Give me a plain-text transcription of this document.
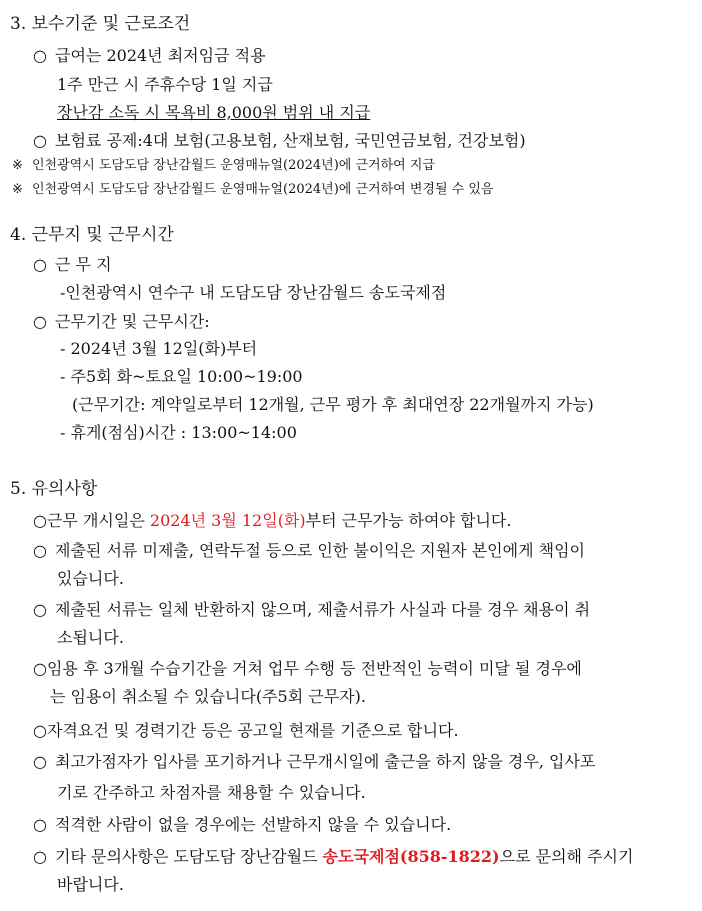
3. 보수기준 및 근로조건
○ 급여는 2024년 최저임금 적용
1주 만근 시 주휴수당 1일 지급
장난감 소독 시 목욕비 8,000원 범위 내 지급
○ 보험료 공제:4대 보험(고용보험, 산재보험, 국민연금보험, 건강보험)
※ 인천광역시 도담도담 장난감월드 운영매뉴얼(2024년)에 근거하여 지급
※ 인천광역시 도담도담 장난감월드 운영매뉴얼(2024년)에 근거하여 변경될 수 있음
4. 근무지 및 근무시간
○ 근 무 지
-인천광역시 연수구 내 도담도담 장난감월드 송도국제점
○ 근무기간 및 근무시간:
- 2024년 3월 12일(화)부터
- 주5회 화~토요일 10:00~19:00
(근무기간: 계약일로부터 12개월, 근무 평가 후 최대연장 22개월까지 가능)
- 휴게(점심)시간 : 13:00~14:00
5. 유의사항
○근무 개시일은 2024년 3월 12일(화)부터 근무가능 하여야 합니다.
○ 제출된 서류 미제출, 연락두절 등으로 인한 불이익은 지원자 본인에게 책임이
있습니다.
○ 제출된 서류는 일체 반환하지 않으며, 제출서류가 사실과 다를 경우 채용이 취
소됩니다.
○임용 후 3개월 수습기간을 거쳐 업무 수행 등 전반적인 능력이 미달 될 경우에
는 임용이 취소될 수 있습니다(주5회 근무자).
○자격요건 및 경력기간 등은 공고일 현재를 기준으로 합니다.
○ 최고가점자가 입사를 포기하거나 근무개시일에 출근을 하지 않을 경우, 입사포
기로 간주하고 차점자를 채용할 수 있습니다.
○ 적격한 사람이 없을 경우에는 선발하지 않을 수 있습니다.
○ 기타 문의사항은 도담도담 장난감월드 송도국제점(858-1822)으로 문의해 주시기
바랍니다.
